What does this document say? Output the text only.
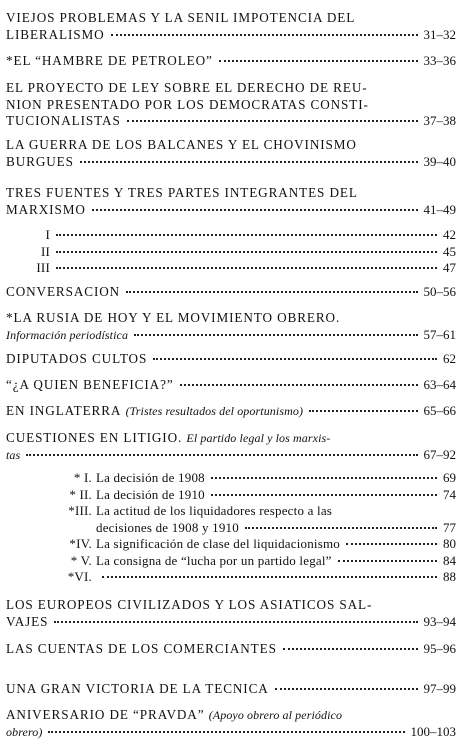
VIEJOS PROBLEMAS Y LA SENIL IMPOTENCIA DEL
LIBERALISMO	31–32
*EL “HAMBRE DE PETROLEO”	33–36
EL PROYECTO DE LEY SOBRE EL DERECHO DE REU-
NION PRESENTADO POR LOS DEMOCRATAS CONSTI-
TUCIONALISTAS	37–38
LA GUERRA DE LOS BALCANES Y EL CHOVINISMO
BURGUES	39–40
TRES FUENTES Y TRES PARTES INTEGRANTES DEL
MARXISMO	41–49
I	42
II	45
III	47
CONVERSACION	50–56
*LA RUSIA DE HOY Y EL MOVIMIENTO OBRERO.
Información periodística	57–61
DIPUTADOS CULTOS	62
“¿A QUIEN BENEFICIA?”	63–64
EN INGLATERRA
(Tristes resultados del oportunismo)	65–66
CUESTIONES EN LITIGIO.
El partido legal y los marxis-
tas	67–92
* I. La decisión de 1908	69
* II. La decisión de 1910	74
*III. La actitud de los liquidadores respecto a las
decisiones de 1908 y 1910	77
*IV. La significación de clase del liquidacionismo	80
* V. La consigna de “lucha por un partido legal”	84
*VI.	88
LOS EUROPEOS CIVILIZADOS Y LOS ASIATICOS SAL-
VAJES	93–94
LAS CUENTAS DE LOS COMERCIANTES	95–96
UNA GRAN VICTORIA DE LA TECNICA	97–99
ANIVERSARIO DE “PRAVDA”
(Apoyo obrero al periódico
obrero)	100–103
